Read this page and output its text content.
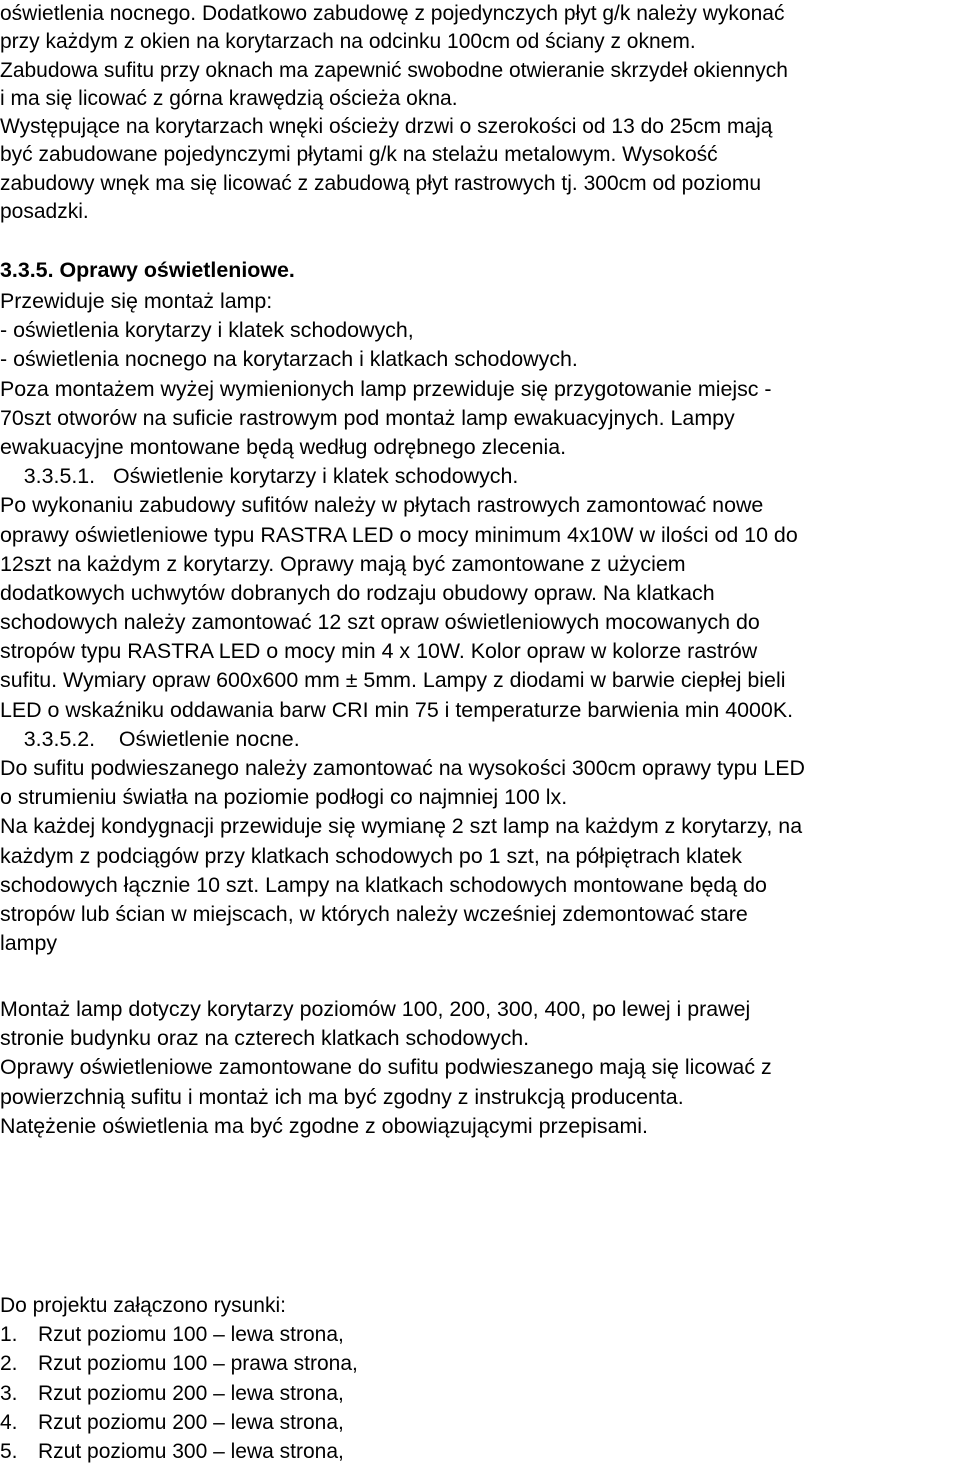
oświetlenia nocnego. Dodatkowo zabudowę z pojedynczych płyt g/k należy wykonać
przy każdym z okien na korytarzach na odcinku 100cm od ściany z oknem.
Zabudowa sufitu przy oknach ma zapewnić swobodne otwieranie skrzydeł okiennych
i ma się licować z górna krawędzią ościeża okna.
Występujące na korytarzach wnęki ościeży drzwi o szerokości od 13 do 25cm mają
być zabudowane pojedynczymi płytami g/k na stelażu metalowym. Wysokość
zabudowy wnęk ma się licować z zabudową płyt rastrowych tj. 300cm od poziomu
posadzki.
3.3.5. Oprawy oświetleniowe.
Przewiduje się montaż lamp:
- oświetlenia korytarzy i klatek schodowych,
- oświetlenia nocnego na korytarzach i klatkach schodowych.
Poza montażem wyżej wymienionych lamp przewiduje się przygotowanie miejsc -
70szt otworów na suficie rastrowym pod montaż lamp ewakuacyjnych. Lampy
ewakuacyjne montowane będą według odrębnego zlecenia.
3.3.5.1.   Oświetlenie korytarzy i klatek schodowych.
Po wykonaniu zabudowy sufitów należy w płytach rastrowych zamontować nowe
oprawy oświetleniowe typu RASTRA LED o mocy minimum 4x10W w ilości od 10 do
12szt na każdym z korytarzy. Oprawy mają być zamontowane z użyciem
dodatkowych uchwytów dobranych do rodzaju obudowy opraw. Na klatkach
schodowych należy zamontować 12 szt opraw oświetleniowych mocowanych do
stropów typu RASTRA LED o mocy min 4 x 10W. Kolor opraw w kolorze rastrów
sufitu. Wymiary opraw 600x600 mm ± 5mm. Lampy z diodami w barwie ciepłej bieli
LED o wskaźniku oddawania barw CRI min 75 i temperaturze barwienia min 4000K.
3.3.5.2.    Oświetlenie nocne.
Do sufitu podwieszanego należy zamontować na wysokości 300cm oprawy typu LED
o strumieniu światła na poziomie podłogi co najmniej 100 lx.
Na każdej kondygnacji przewiduje się wymianę 2 szt lamp na każdym z korytarzy, na
każdym z podciągów przy klatkach schodowych po 1 szt, na półpiętrach klatek
schodowych łącznie 10 szt. Lampy na klatkach schodowych montowane będą do
stropów lub ścian w miejscach, w których należy wcześniej zdemontować stare
lampy
Montaż lamp dotyczy korytarzy poziomów 100, 200, 300, 400, po lewej i prawej
stronie budynku oraz na czterech klatkach schodowych.
Oprawy oświetleniowe zamontowane do sufitu podwieszanego mają się licować z
powierzchnią sufitu i montaż ich ma być zgodny z instrukcją producenta.
Natężenie oświetlenia ma być zgodne z obowiązującymi przepisami.
Do projektu załączono rysunki:
1. Rzut poziomu 100 – lewa strona,
2. Rzut poziomu 100 – prawa strona,
3. Rzut poziomu 200 – lewa strona,
4. Rzut poziomu 200 – lewa strona,
5. Rzut poziomu 300 – lewa strona,
